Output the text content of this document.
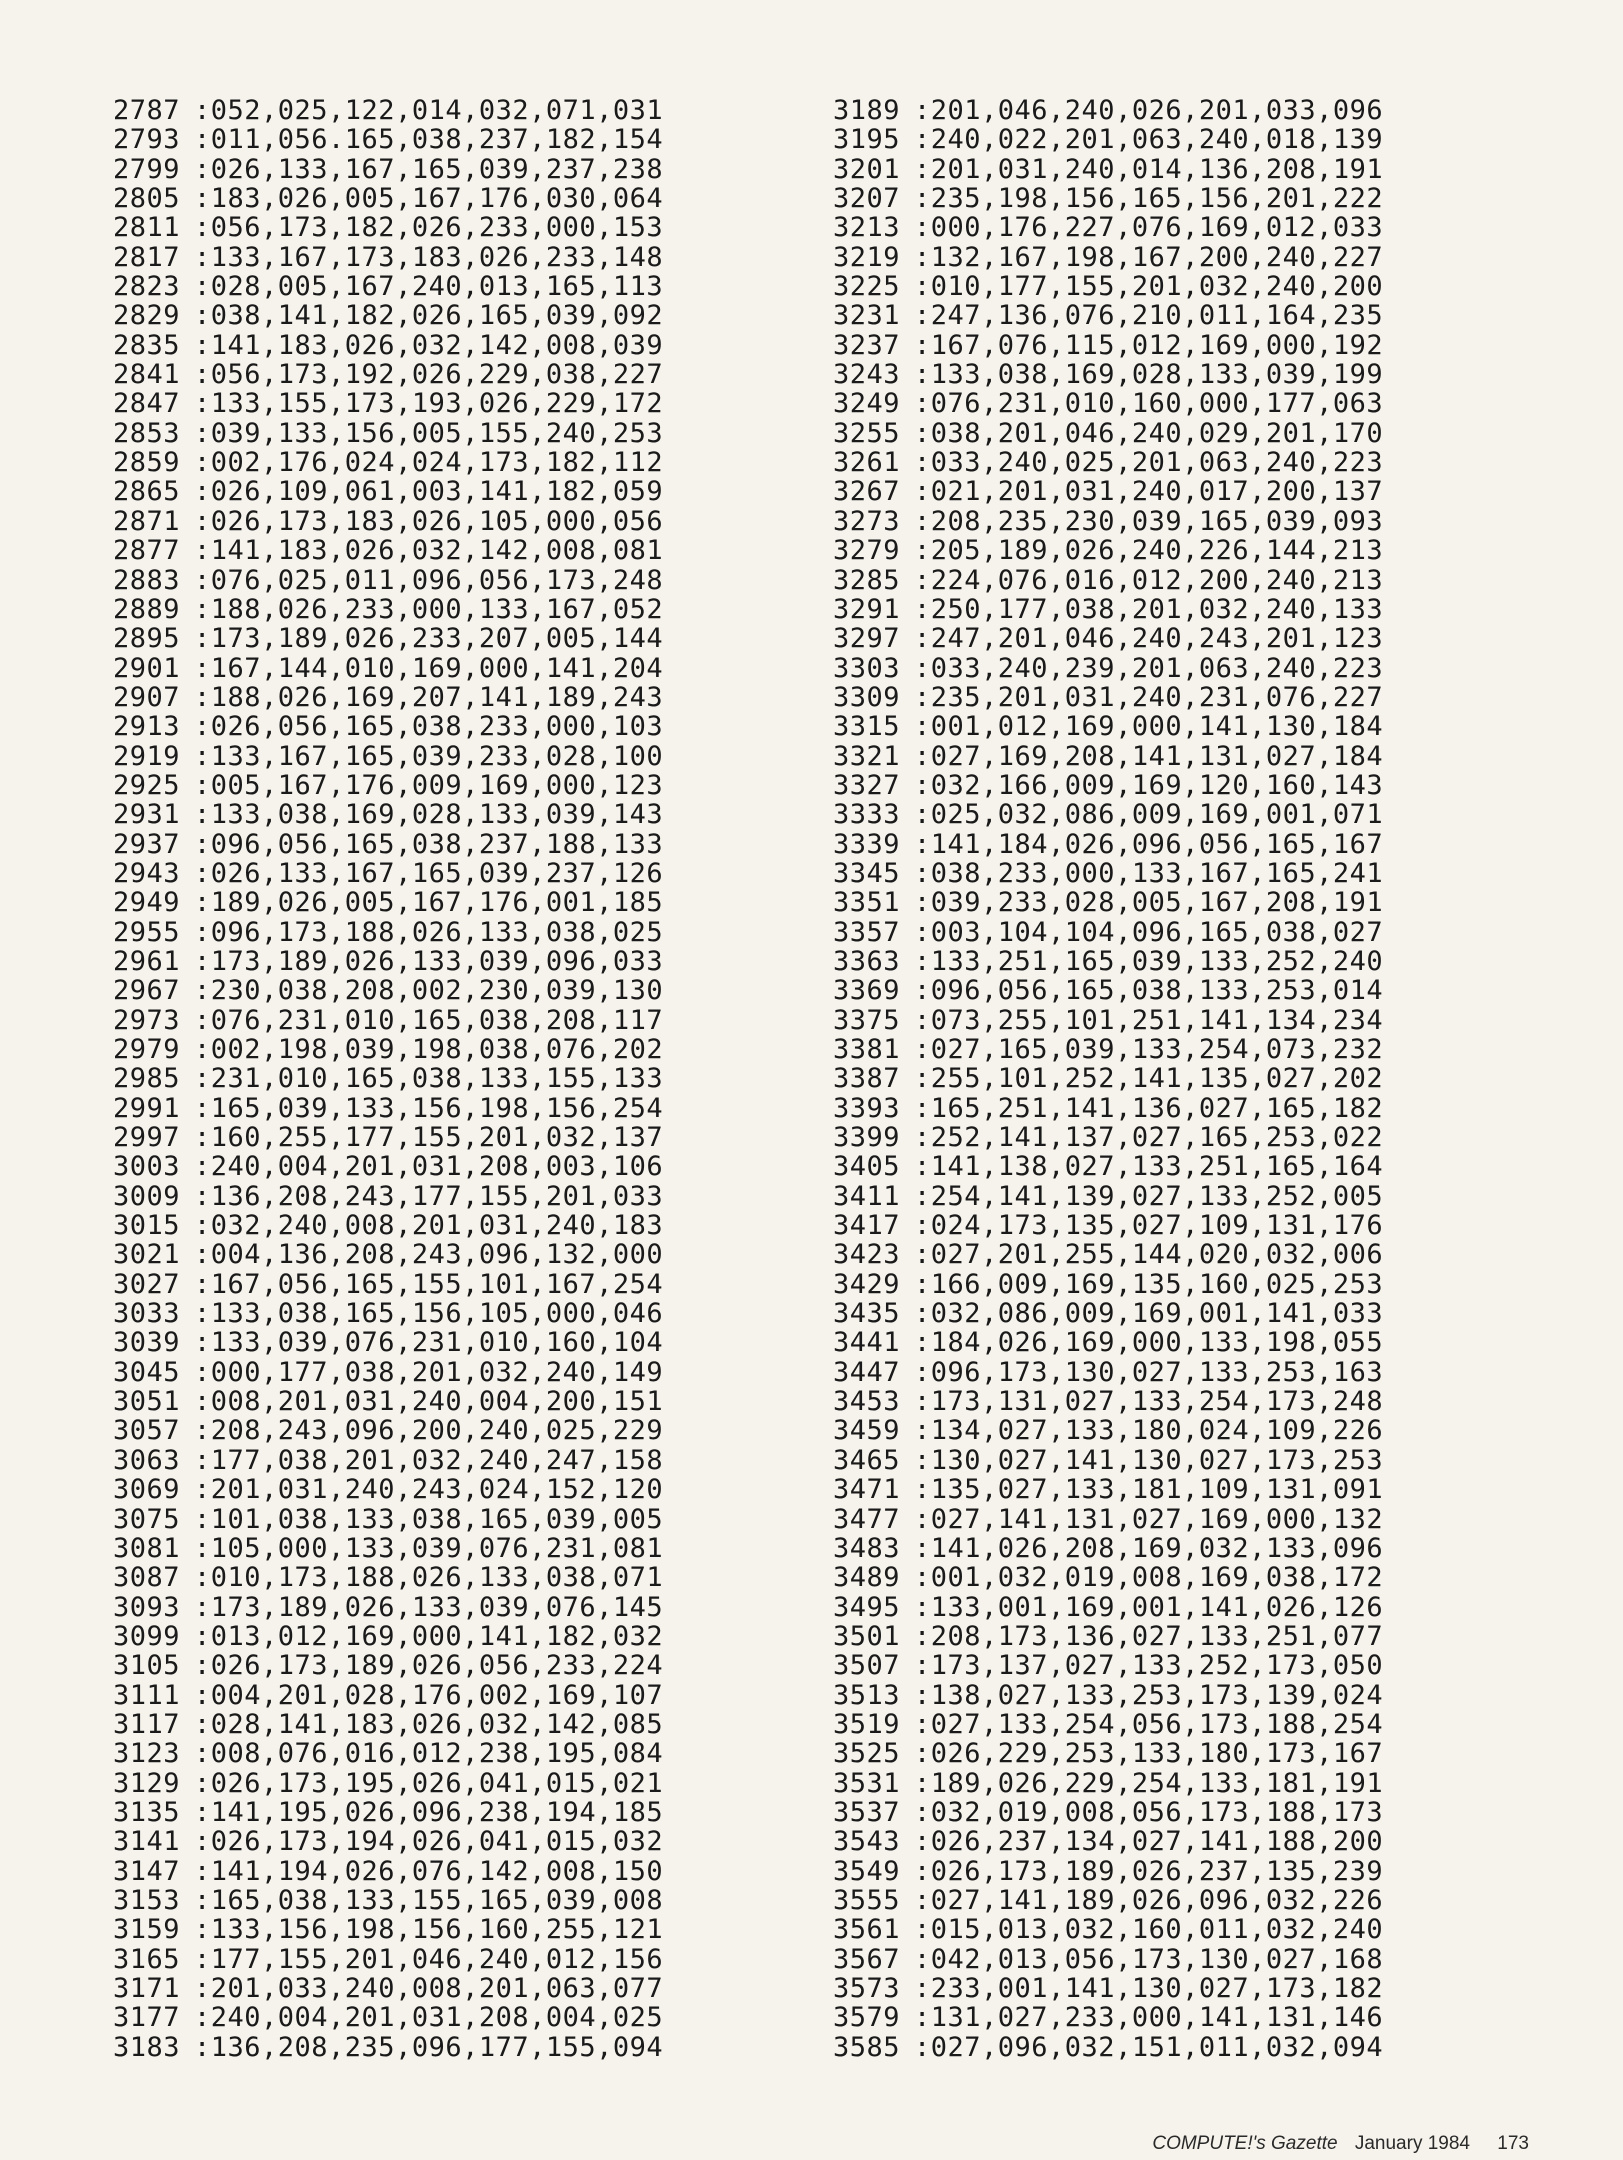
2787 :052,025,122,014,032,071,031
2793 :011,056.165,038,237,182,154
2799 :026,133,167,165,039,237,238
2805 :183,026,005,167,176,030,064
2811 :056,173,182,026,233,000,153
2817 :133,167,173,183,026,233,148
2823 :028,005,167,240,013,165,113
2829 :038,141,182,026,165,039,092
2835 :141,183,026,032,142,008,039
2841 :056,173,192,026,229,038,227
2847 :133,155,173,193,026,229,172
2853 :039,133,156,005,155,240,253
2859 :002,176,024,024,173,182,112
2865 :026,109,061,003,141,182,059
2871 :026,173,183,026,105,000,056
2877 :141,183,026,032,142,008,081
2883 :076,025,011,096,056,173,248
2889 :188,026,233,000,133,167,052
2895 :173,189,026,233,207,005,144
2901 :167,144,010,169,000,141,204
2907 :188,026,169,207,141,189,243
2913 :026,056,165,038,233,000,103
2919 :133,167,165,039,233,028,100
2925 :005,167,176,009,169,000,123
2931 :133,038,169,028,133,039,143
2937 :096,056,165,038,237,188,133
2943 :026,133,167,165,039,237,126
2949 :189,026,005,167,176,001,185
2955 :096,173,188,026,133,038,025
2961 :173,189,026,133,039,096,033
2967 :230,038,208,002,230,039,130
2973 :076,231,010,165,038,208,117
2979 :002,198,039,198,038,076,202
2985 :231,010,165,038,133,155,133
2991 :165,039,133,156,198,156,254
2997 :160,255,177,155,201,032,137
3003 :240,004,201,031,208,003,106
3009 :136,208,243,177,155,201,033
3015 :032,240,008,201,031,240,183
3021 :004,136,208,243,096,132,000
3027 :167,056,165,155,101,167,254
3033 :133,038,165,156,105,000,046
3039 :133,039,076,231,010,160,104
3045 :000,177,038,201,032,240,149
3051 :008,201,031,240,004,200,151
3057 :208,243,096,200,240,025,229
3063 :177,038,201,032,240,247,158
3069 :201,031,240,243,024,152,120
3075 :101,038,133,038,165,039,005
3081 :105,000,133,039,076,231,081
3087 :010,173,188,026,133,038,071
3093 :173,189,026,133,039,076,145
3099 :013,012,169,000,141,182,032
3105 :026,173,189,026,056,233,224
3111 :004,201,028,176,002,169,107
3117 :028,141,183,026,032,142,085
3123 :008,076,016,012,238,195,084
3129 :026,173,195,026,041,015,021
3135 :141,195,026,096,238,194,185
3141 :026,173,194,026,041,015,032
3147 :141,194,026,076,142,008,150
3153 :165,038,133,155,165,039,008
3159 :133,156,198,156,160,255,121
3165 :177,155,201,046,240,012,156
3171 :201,033,240,008,201,063,077
3177 :240,004,201,031,208,004,025
3183 :136,208,235,096,177,155,094
3189 :201,046,240,026,201,033,096
3195 :240,022,201,063,240,018,139
3201 :201,031,240,014,136,208,191
3207 :235,198,156,165,156,201,222
3213 :000,176,227,076,169,012,033
3219 :132,167,198,167,200,240,227
3225 :010,177,155,201,032,240,200
3231 :247,136,076,210,011,164,235
3237 :167,076,115,012,169,000,192
3243 :133,038,169,028,133,039,199
3249 :076,231,010,160,000,177,063
3255 :038,201,046,240,029,201,170
3261 :033,240,025,201,063,240,223
3267 :021,201,031,240,017,200,137
3273 :208,235,230,039,165,039,093
3279 :205,189,026,240,226,144,213
3285 :224,076,016,012,200,240,213
3291 :250,177,038,201,032,240,133
3297 :247,201,046,240,243,201,123
3303 :033,240,239,201,063,240,223
3309 :235,201,031,240,231,076,227
3315 :001,012,169,000,141,130,184
3321 :027,169,208,141,131,027,184
3327 :032,166,009,169,120,160,143
3333 :025,032,086,009,169,001,071
3339 :141,184,026,096,056,165,167
3345 :038,233,000,133,167,165,241
3351 :039,233,028,005,167,208,191
3357 :003,104,104,096,165,038,027
3363 :133,251,165,039,133,252,240
3369 :096,056,165,038,133,253,014
3375 :073,255,101,251,141,134,234
3381 :027,165,039,133,254,073,232
3387 :255,101,252,141,135,027,202
3393 :165,251,141,136,027,165,182
3399 :252,141,137,027,165,253,022
3405 :141,138,027,133,251,165,164
3411 :254,141,139,027,133,252,005
3417 :024,173,135,027,109,131,176
3423 :027,201,255,144,020,032,006
3429 :166,009,169,135,160,025,253
3435 :032,086,009,169,001,141,033
3441 :184,026,169,000,133,198,055
3447 :096,173,130,027,133,253,163
3453 :173,131,027,133,254,173,248
3459 :134,027,133,180,024,109,226
3465 :130,027,141,130,027,173,253
3471 :135,027,133,181,109,131,091
3477 :027,141,131,027,169,000,132
3483 :141,026,208,169,032,133,096
3489 :001,032,019,008,169,038,172
3495 :133,001,169,001,141,026,126
3501 :208,173,136,027,133,251,077
3507 :173,137,027,133,252,173,050
3513 :138,027,133,253,173,139,024
3519 :027,133,254,056,173,188,254
3525 :026,229,253,133,180,173,167
3531 :189,026,229,254,133,181,191
3537 :032,019,008,056,173,188,173
3543 :026,237,134,027,141,188,200
3549 :026,173,189,026,237,135,239
3555 :027,141,189,026,096,032,226
3561 :015,013,032,160,011,032,240
3567 :042,013,056,173,130,027,168
3573 :233,001,141,130,027,173,182
3579 :131,027,233,000,141,131,146
3585 :027,096,032,151,011,032,094
COMPUTE!'s Gazette January 1984 173
